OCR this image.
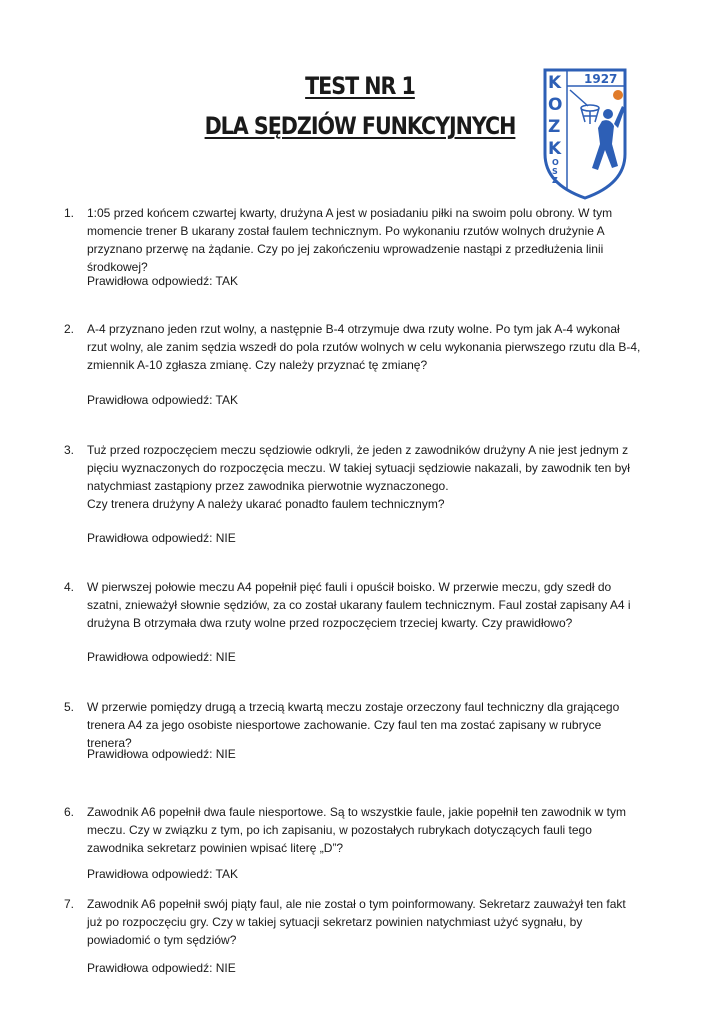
TEST NR 1
DLA SĘDZIÓW FUNKCYJNYCH
1927
K
O
Z
K
O
S
Z
1. 1:05 przed końcem czwartej kwarty, drużyna A jest w posiadaniu piłki na swoim polu obrony. W tym momencie trener B ukarany został faulem technicznym. Po wykonaniu rzutów wolnych drużynie A przyznano przerwę na żądanie. Czy po jej zakończeniu wprowadzenie nastąpi z przedłużenia linii środkowej?
Prawidłowa odpowiedź: TAK
2. A-4 przyznano jeden rzut wolny, a następnie B-4 otrzymuje dwa rzuty wolne. Po tym jak A-4 wykonał rzut wolny, ale zanim sędzia wszedł do pola rzutów wolnych w celu wykonania pierwszego rzutu dla B-4, zmiennik A-10 zgłasza zmianę. Czy należy przyznać tę zmianę?
Prawidłowa odpowiedź: TAK
3. Tuż przed rozpoczęciem meczu sędziowie odkryli, że jeden z zawodników drużyny A nie jest jednym z pięciu wyznaczonych do rozpoczęcia meczu. W takiej sytuacji sędziowie nakazali, by zawodnik ten był natychmiast zastąpiony przez zawodnika pierwotnie wyznaczonego.
Czy trenera drużyny A należy ukarać ponadto faulem technicznym?
Prawidłowa odpowiedź: NIE
4. W pierwszej połowie meczu A4 popełnił pięć fauli i opuścił boisko. W przerwie meczu, gdy szedł do szatni, znieważył słownie sędziów, za co został ukarany faulem technicznym. Faul został zapisany A4 i drużyna B otrzymała dwa rzuty wolne przed rozpoczęciem trzeciej kwarty. Czy prawidłowo?
Prawidłowa odpowiedź: NIE
5. W przerwie pomiędzy drugą a trzecią kwartą meczu zostaje orzeczony faul techniczny dla grającego trenera A4 za jego osobiste niesportowe zachowanie. Czy faul ten ma zostać zapisany w rubryce trenera?
Prawidłowa odpowiedź: NIE
6. Zawodnik A6 popełnił dwa faule niesportowe. Są to wszystkie faule, jakie popełnił ten zawodnik w tym meczu. Czy w związku z tym, po ich zapisaniu, w pozostałych rubrykach dotyczących fauli tego zawodnika sekretarz powinien wpisać literę „D”?
Prawidłowa odpowiedź: TAK
7. Zawodnik A6 popełnił swój piąty faul, ale nie został o tym poinformowany. Sekretarz zauważył ten fakt już po rozpoczęciu gry. Czy w takiej sytuacji sekretarz powinien natychmiast użyć sygnału, by powiadomić o tym sędziów?
Prawidłowa odpowiedź: NIE
